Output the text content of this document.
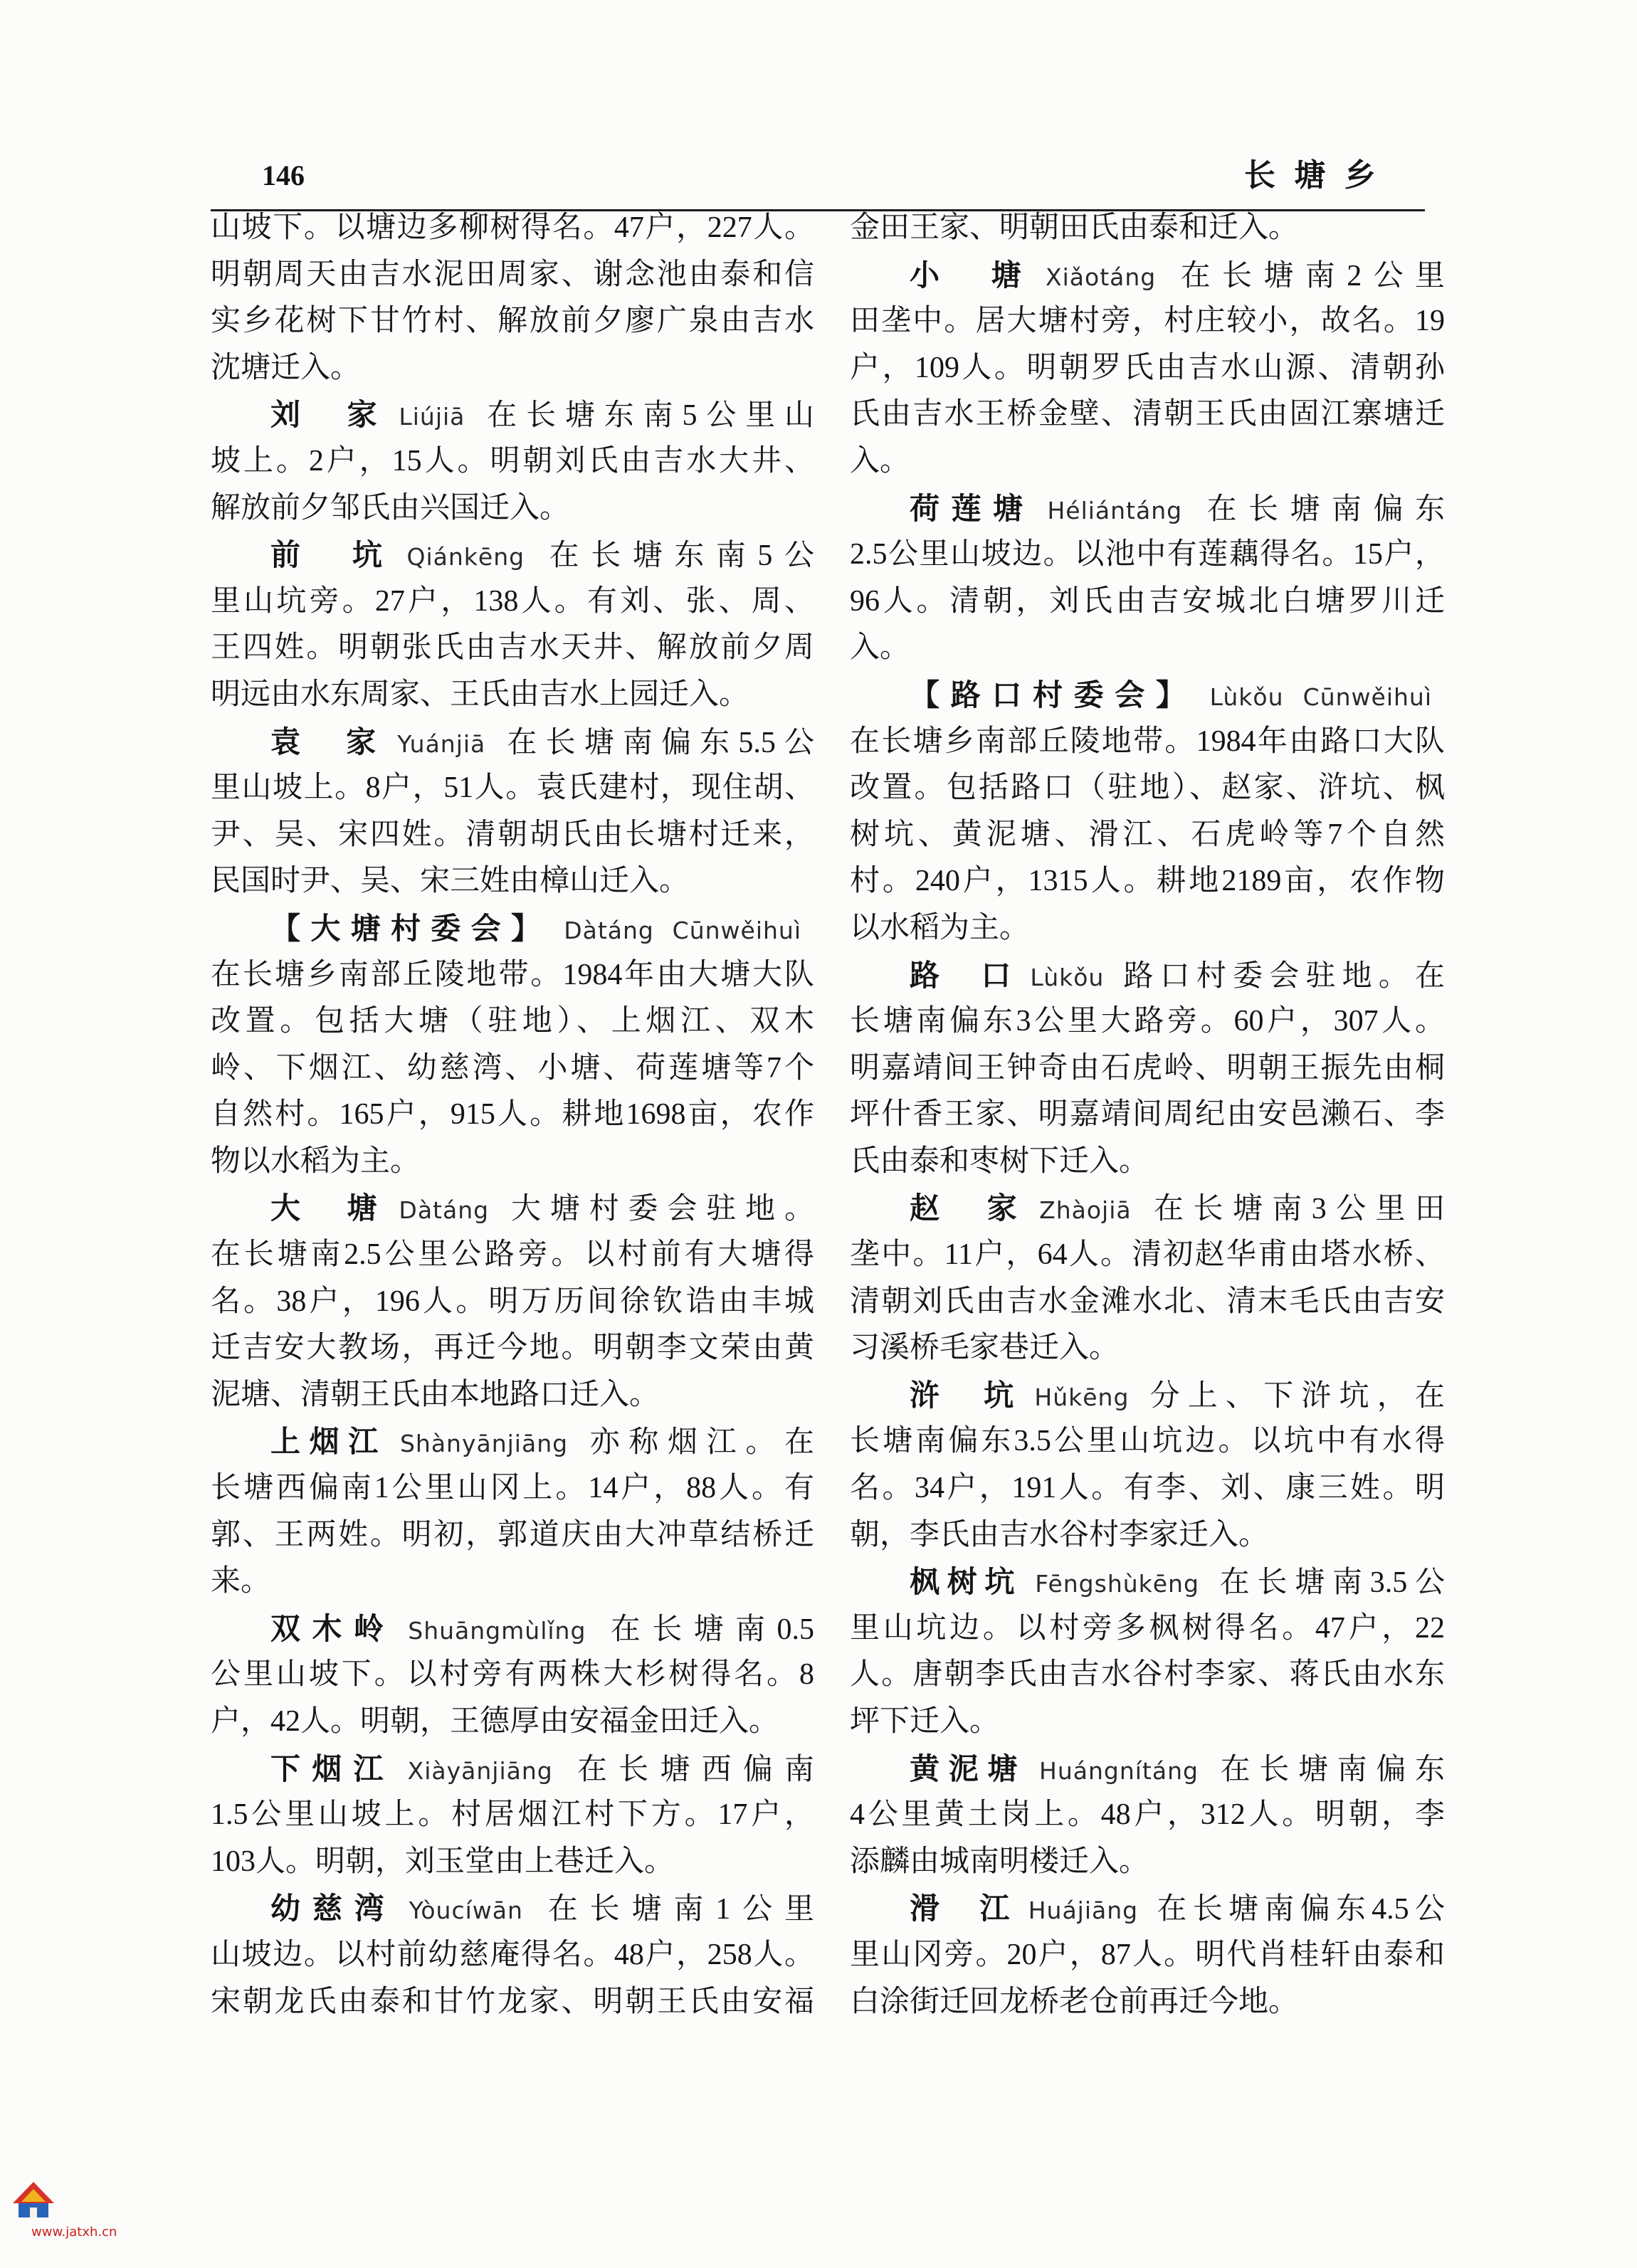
146	长 塘 乡
山坡下。以塘边多柳树得名。47户，227人。
明朝周天由吉水泥田周家、谢念池由泰和信
实乡花树下甘竹村、解放前夕廖广泉由吉水
沈塘迁入。
刘 家 Liújiā 在长塘东南5公里山
坡上。2户，15人。明朝刘氏由吉水大井、
解放前夕邹氏由兴国迁入。
前 坑 Qiánkēng 在长塘东南5公
里山坑旁。27户，138人。有刘、张、周、
王四姓。明朝张氏由吉水天井、解放前夕周
明远由水东周家、王氏由吉水上园迁入。
袁 家 Yuánjiā 在长塘南偏东5.5公
里山坡上。8户，51人。袁氏建村，现住胡、
尹、吴、宋四姓。清朝胡氏由长塘村迁来，
民国时尹、吴、宋三姓由樟山迁入。
【大塘村委会】 Dàtáng Cūnwěihuì
在长塘乡南部丘陵地带。1984年由大塘大队
改置。包括大塘（驻地）、上烟江、双木
岭、下烟江、幼慈湾、小塘、荷莲塘等7个
自然村。165户，915人。耕地1698亩，农作
物以水稻为主。
大 塘 Dàtáng 大塘村委会驻地。
在长塘南2.5公里公路旁。以村前有大塘得
名。38户，196人。明万历间徐钦诰由丰城
迁吉安大教场，再迁今地。明朝李文荣由黄
泥塘、清朝王氏由本地路口迁入。
上烟江 Shànyānjiāng 亦称烟江。在
长塘西偏南1公里山冈上。14户，88人。有
郭、王两姓。明初，郭道庆由大冲草结桥迁
来。
双木岭 Shuāngmùlǐng 在长塘南0.5
公里山坡下。以村旁有两株大杉树得名。8
户，42人。明朝，王德厚由安福金田迁入。
下烟江 Xiàyānjiāng 在长塘西偏南
1.5公里山坡上。村居烟江村下方。17户，
103人。明朝，刘玉堂由上巷迁入。
幼慈湾 Yòucíwān 在长塘南1公里
山坡边。以村前幼慈庵得名。48户，258人。
宋朝龙氏由泰和甘竹龙家、明朝王氏由安福
金田王家、明朝田氏由泰和迁入。
小 塘 Xiǎotáng 在长塘南2公里
田垄中。居大塘村旁，村庄较小，故名。19
户，109人。明朝罗氏由吉水山源、清朝孙
氏由吉水王桥金壁、清朝王氏由固江寨塘迁
入。
荷莲塘 Héliántáng 在长塘南偏东
2.5公里山坡边。以池中有莲藕得名。15户，
96人。清朝，刘氏由吉安城北白塘罗川迁
入。
【路口村委会】 Lùkǒu Cūnwěihuì
在长塘乡南部丘陵地带。1984年由路口大队
改置。包括路口（驻地）、赵家、浒坑、枫
树坑、黄泥塘、滑江、石虎岭等7个自然
村。240户，1315人。耕地2189亩，农作物
以水稻为主。
路 口 Lùkǒu 路口村委会驻地。在
长塘南偏东3公里大路旁。60户，307人。
明嘉靖间王钟奇由石虎岭、明朝王振先由桐
坪什香王家、明嘉靖间周纪由安邑濑石、李
氏由泰和枣树下迁入。
赵 家 Zhàojiā 在长塘南3公里田
垄中。11户，64人。清初赵华甫由塔水桥、
清朝刘氏由吉水金滩水北、清末毛氏由吉安
习溪桥毛家巷迁入。
浒 坑 Hǔkēng 分上、下浒坑，在
长塘南偏东3.5公里山坑边。以坑中有水得
名。34户，191人。有李、刘、康三姓。明
朝，李氏由吉水谷村李家迁入。
枫树坑 Fēngshùkēng 在长塘南3.5公
里山坑边。以村旁多枫树得名。47户，22
人。唐朝李氏由吉水谷村李家、蒋氏由水东
坪下迁入。
黄泥塘 Huángnítáng 在长塘南偏东
4公里黄土岗上。48户，312人。明朝，李
添麟由城南明楼迁入。
滑 江 Huájiāng 在长塘南偏东4.5公
里山冈旁。20户，87人。明代肖桂轩由泰和
白涂街迁回龙桥老仓前再迁今地。
www.jatxh.cn
